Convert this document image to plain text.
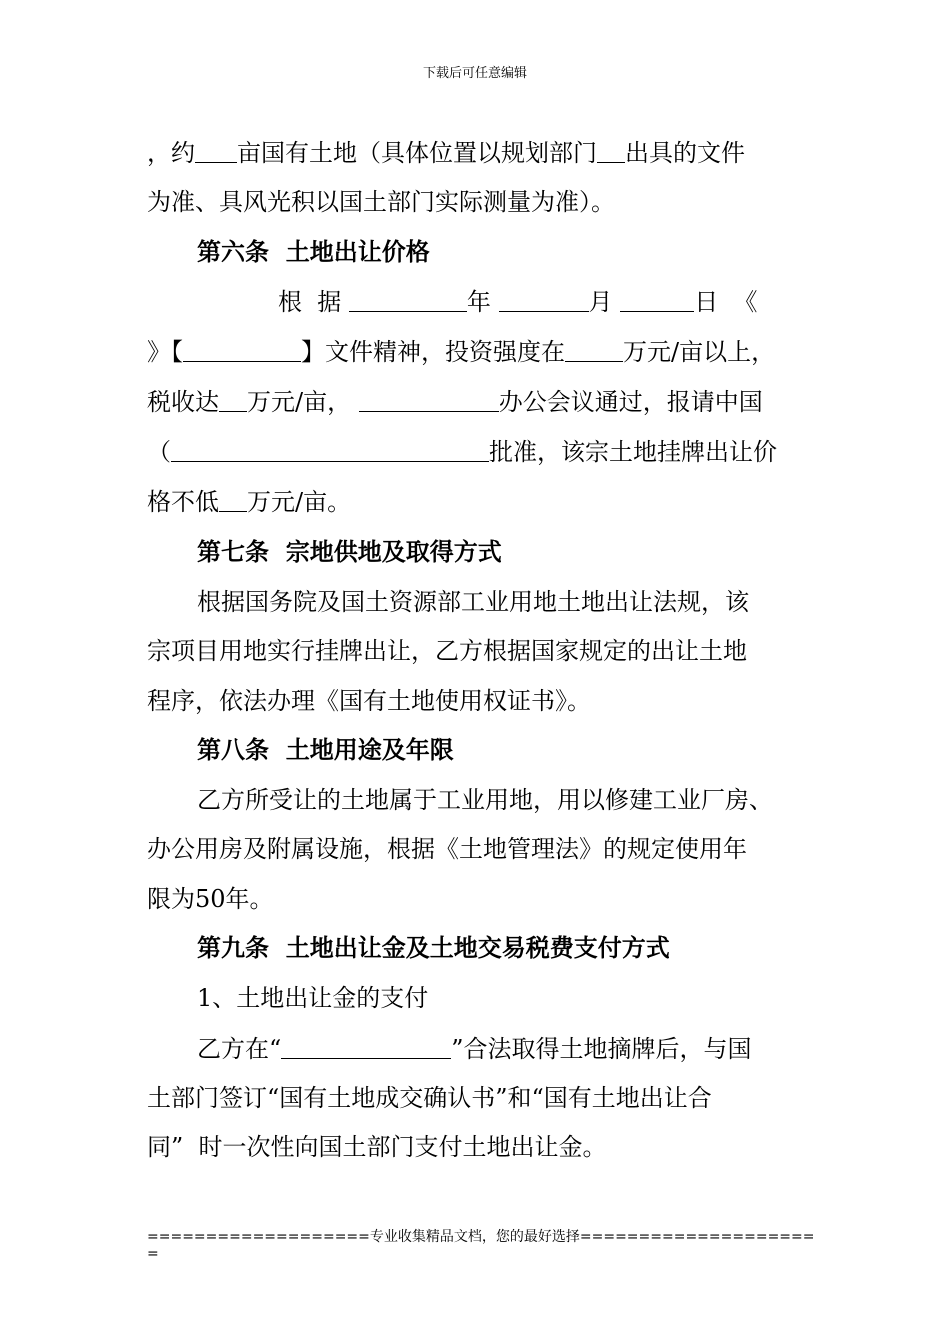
下载后可任意编辑
，约 亩国有土地（具体位置以规划部门 出具的文件
为准、具风光积以国土部门实际测量为准）。
第六条  土地出让价格
根  据	年	月	日  《
》【	】文件精神，投资强度在 万元/亩以上，
税收达 万元/亩，	办公会议通过，报请中国
（	批准，该宗土地挂牌出让价
格不低 万元/亩。
第七条  宗地供地及取得方式
根据国务院及国土资源部工业用地土地出让法规，该
宗项目用地实行挂牌出让，乙方根据国家规定的出让土地
程序，依法办理《国有土地使用权证书》。
第八条  土地用途及年限
乙方所受让的土地属于工业用地，用以修建工业厂房、
办公用房及附属设施，根据《土地管理法》的规定使用年
限为50年。
第九条  土地出让金及土地交易税费支付方式
1、土地出让金的支付
乙方在“	”合法取得土地摘牌后，与国
土部门签订“国有土地成交确认书”和“国有土地出让合
同”  时一次性向国土部门支付土地出让金。
===================专业收集精品文档，您的最好选择====================
=
